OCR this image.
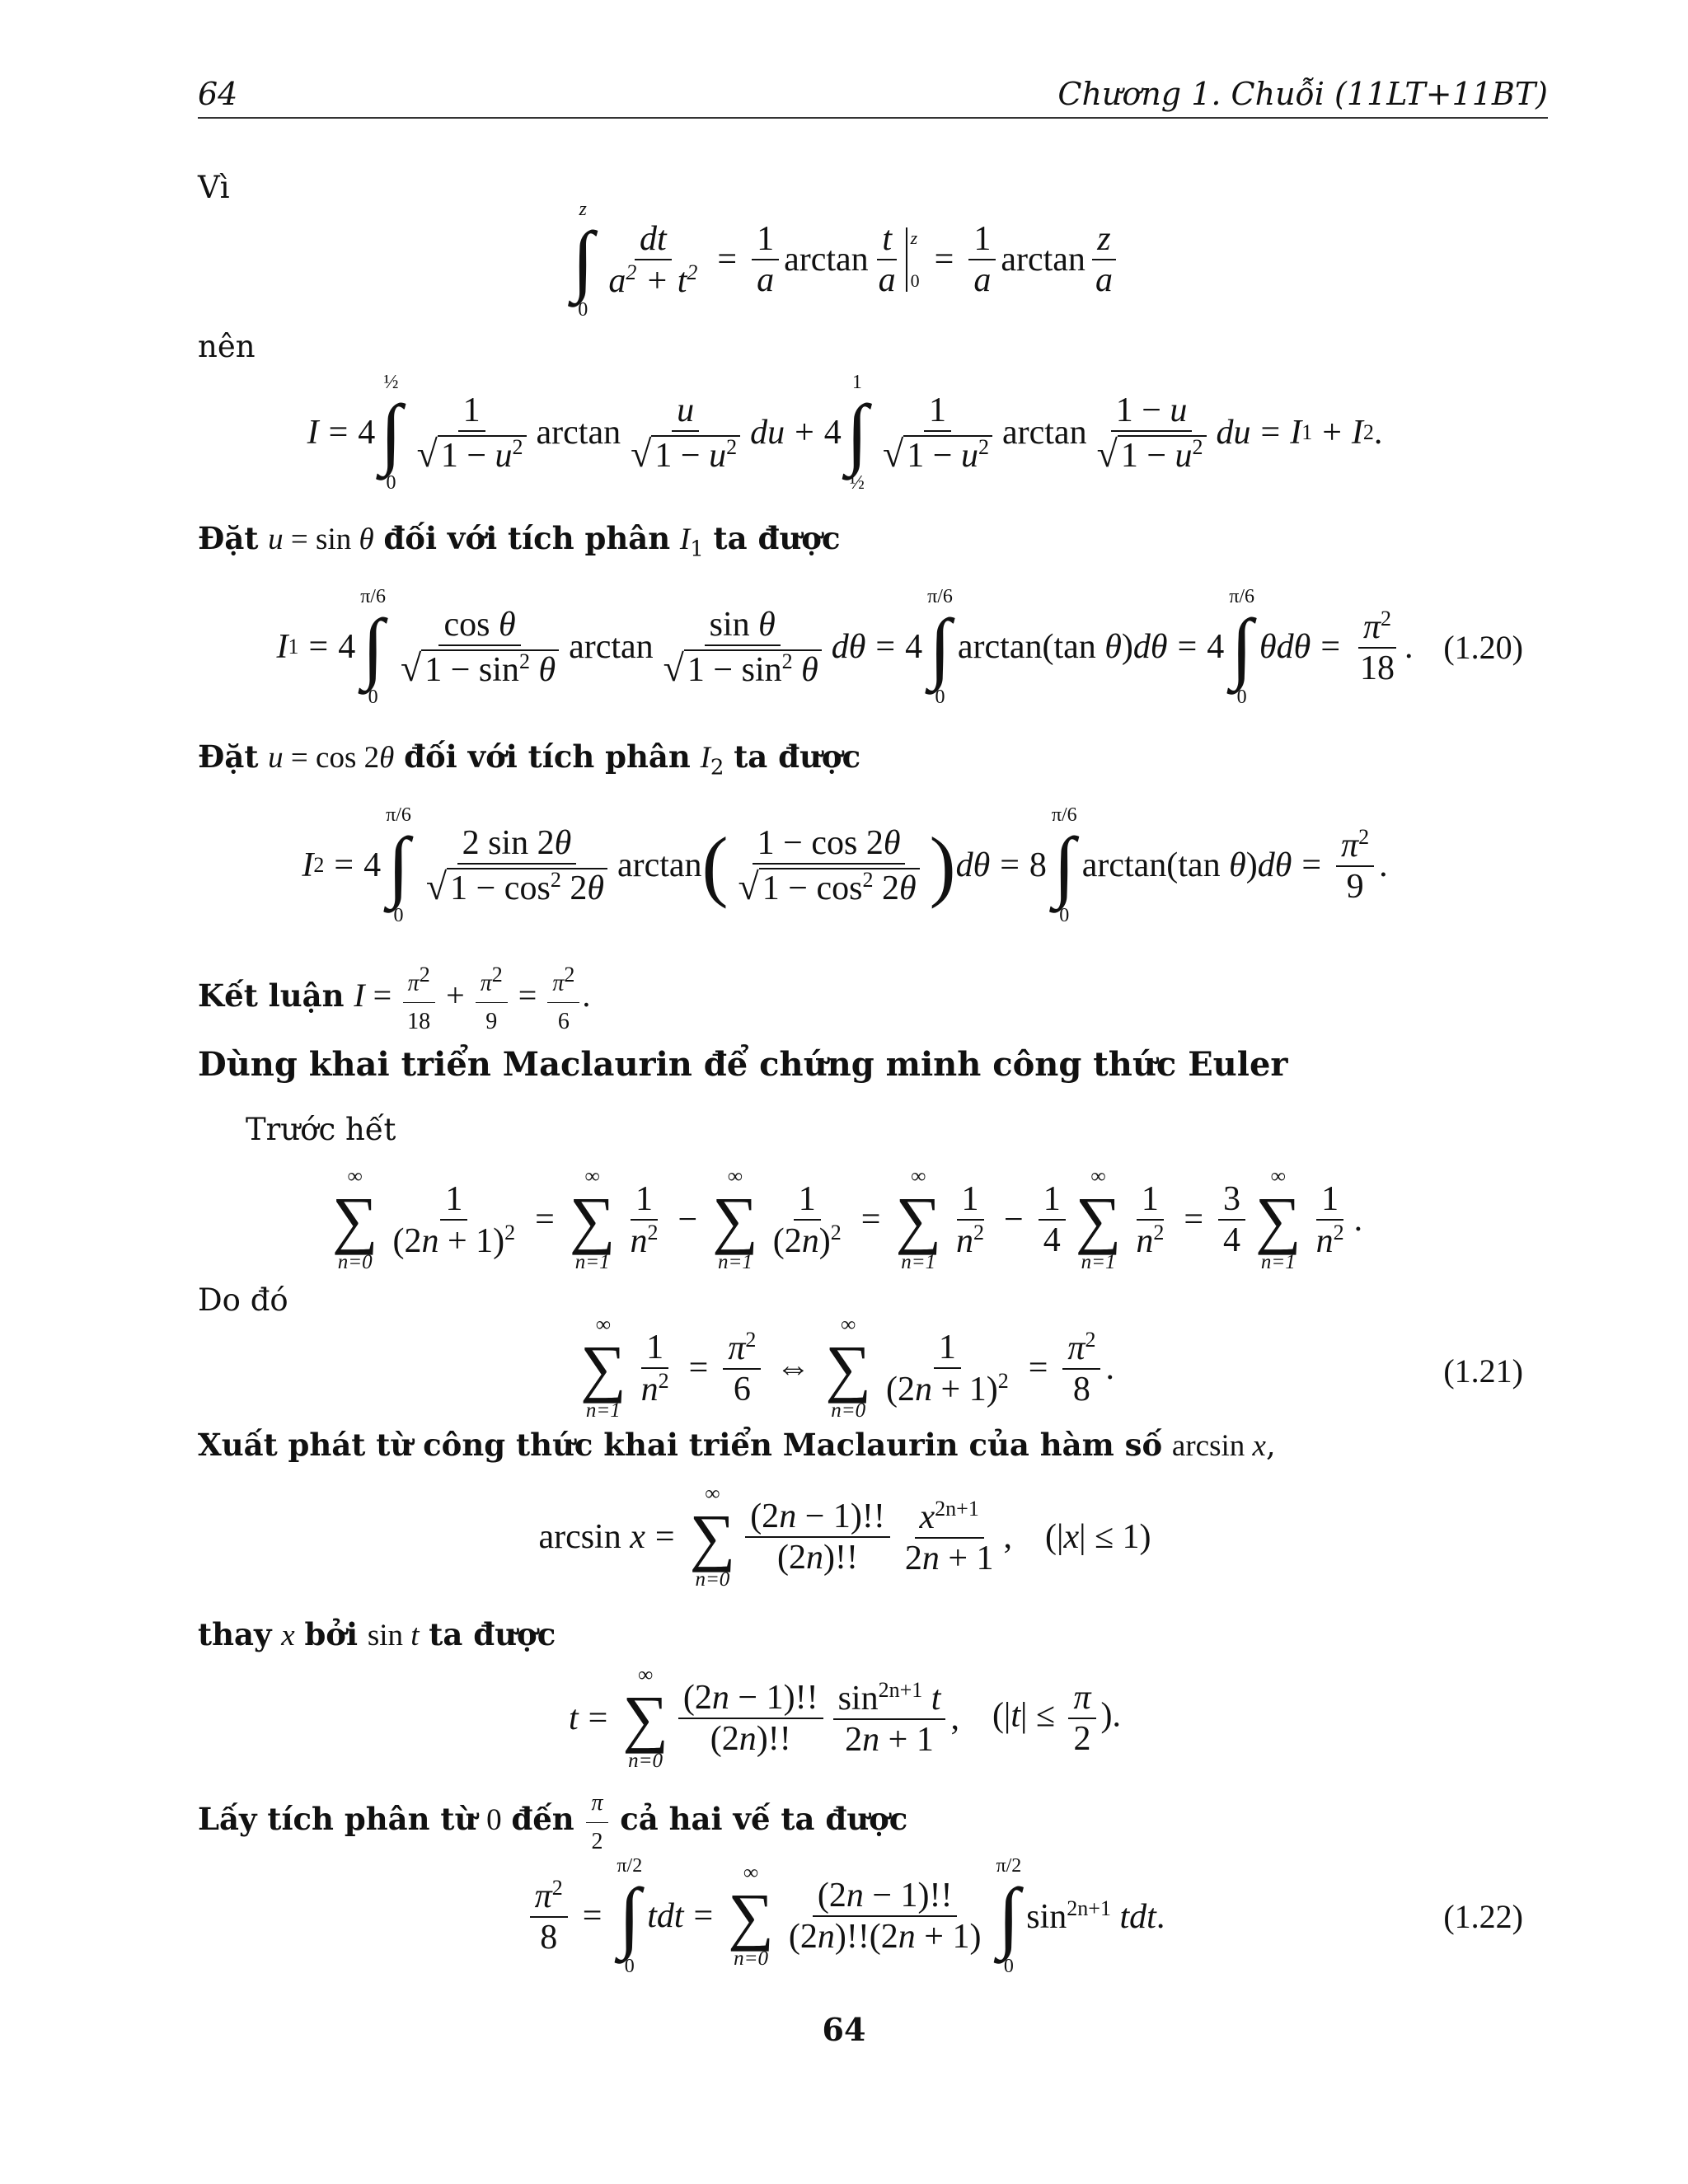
64	Chương 1. Chuỗi (11LT+11BT)
Vì
z
∫
0
$\frac{dt}{a^2 + t^2} = \frac{1}{a}$ $\arctan \frac{t}{a}$ z

0
= $\frac{1}{a}$ $\arctan \frac{z}{a}$
nên
I = 4
½
∫
0
$\frac{1}{√1 - u^2}$ $\arctan \frac{u}{√1 - u^2}$ du + 4
1
∫
½
$\frac{1}{√1 - u^2}$ $\arctan \frac{1 - u}{√1 - u^2}$ du = I 1 + I 2 .
Đặt u = sin θ đối với tích phân $I_1$ ta được
I 1 = 4
π/6
∫
0
$\frac{\text{cos θ}}{√1 - \sin^2 \theta}$ $\arctan \frac{\text{sin θ}}{√1 - \sin^2 \theta}$ dθ = 4
π/6
∫
0
arctan(tan θ)dθ = 4
π/6
∫
0
$\theta d\theta = \frac{\pi^2}{18}$ . (1.20)
Đặt u = cos 2θ đối với tích phân $I_2$ ta được
I 2 = 4
π/6
∫
0
$\frac{2 \sin 2\theta}{√1 - \cos^2 2\theta}$ arctan ( $\frac{1 - \cos 2\theta}{√1 - \cos^2 2\theta}$ ) dθ = 8
π/6
∫
0
arctan(tan $\theta)d\theta = \frac{\pi^2}{9}$ .
Kết luận $I = \frac{\pi^2}{18} + \frac{\pi^2}{9} = \frac{\pi^2}{6}$ .
Dùng khai triển Maclaurin để chứng minh công thức Euler
Trước hết
∞
∑
n=0
$\frac{1}{(2n + 1)^2}$ =
∞
∑
n=1
$\frac{1}{n^2}$ −
∞
∑
n=1
$\frac{1}{(2n)^2}$ =
∞
∑
n=1
$\frac{1}{n^2} - \frac{1}{4}$
∞
∑
n=1
$\frac{1}{n^2} = \frac{3}{4}$
∞
∑
n=1
$\frac{1}{n^2}$ .
Do đó
∞
∑
n=1
$\frac{1}{n^2} = \frac{\pi^2}{6}$ ⇔
∞
∑
n=0
$\frac{1}{(2n + 1)^2} = \frac{\pi^2}{8}$ .	(1.21)
Xuất phát từ công thức khai triển Maclaurin của hàm số arcsin x,
arcsin x =
∞
∑
n=0
$\frac{(2n - 1)!!}{(2n)!!} \frac{x^{2n+1}}{2n + 1}$ , (|x| ≤ 1)
thay x bởi sin t ta được
t =
∞
∑
n=0
$\frac{(2n - 1)!!}{(2n)!!} \frac{\sin^{2n+1} t}{2n + 1}$ , ($|t| \le \frac{\pi}{2}$ ).
Lấy tích phân từ 0 đến $\frac{\pi}{2}$ cả hai vế ta được
$\frac{\pi^2}{8}$ =
π/2
∫
0
tdt =
∞
∑
n=0
$\frac{(2n - 1)!!}{(2n)!!(2n + 1)}$
π/2
∫
0
$\sin^{2n+1}$ tdt.	(1.22)
64
